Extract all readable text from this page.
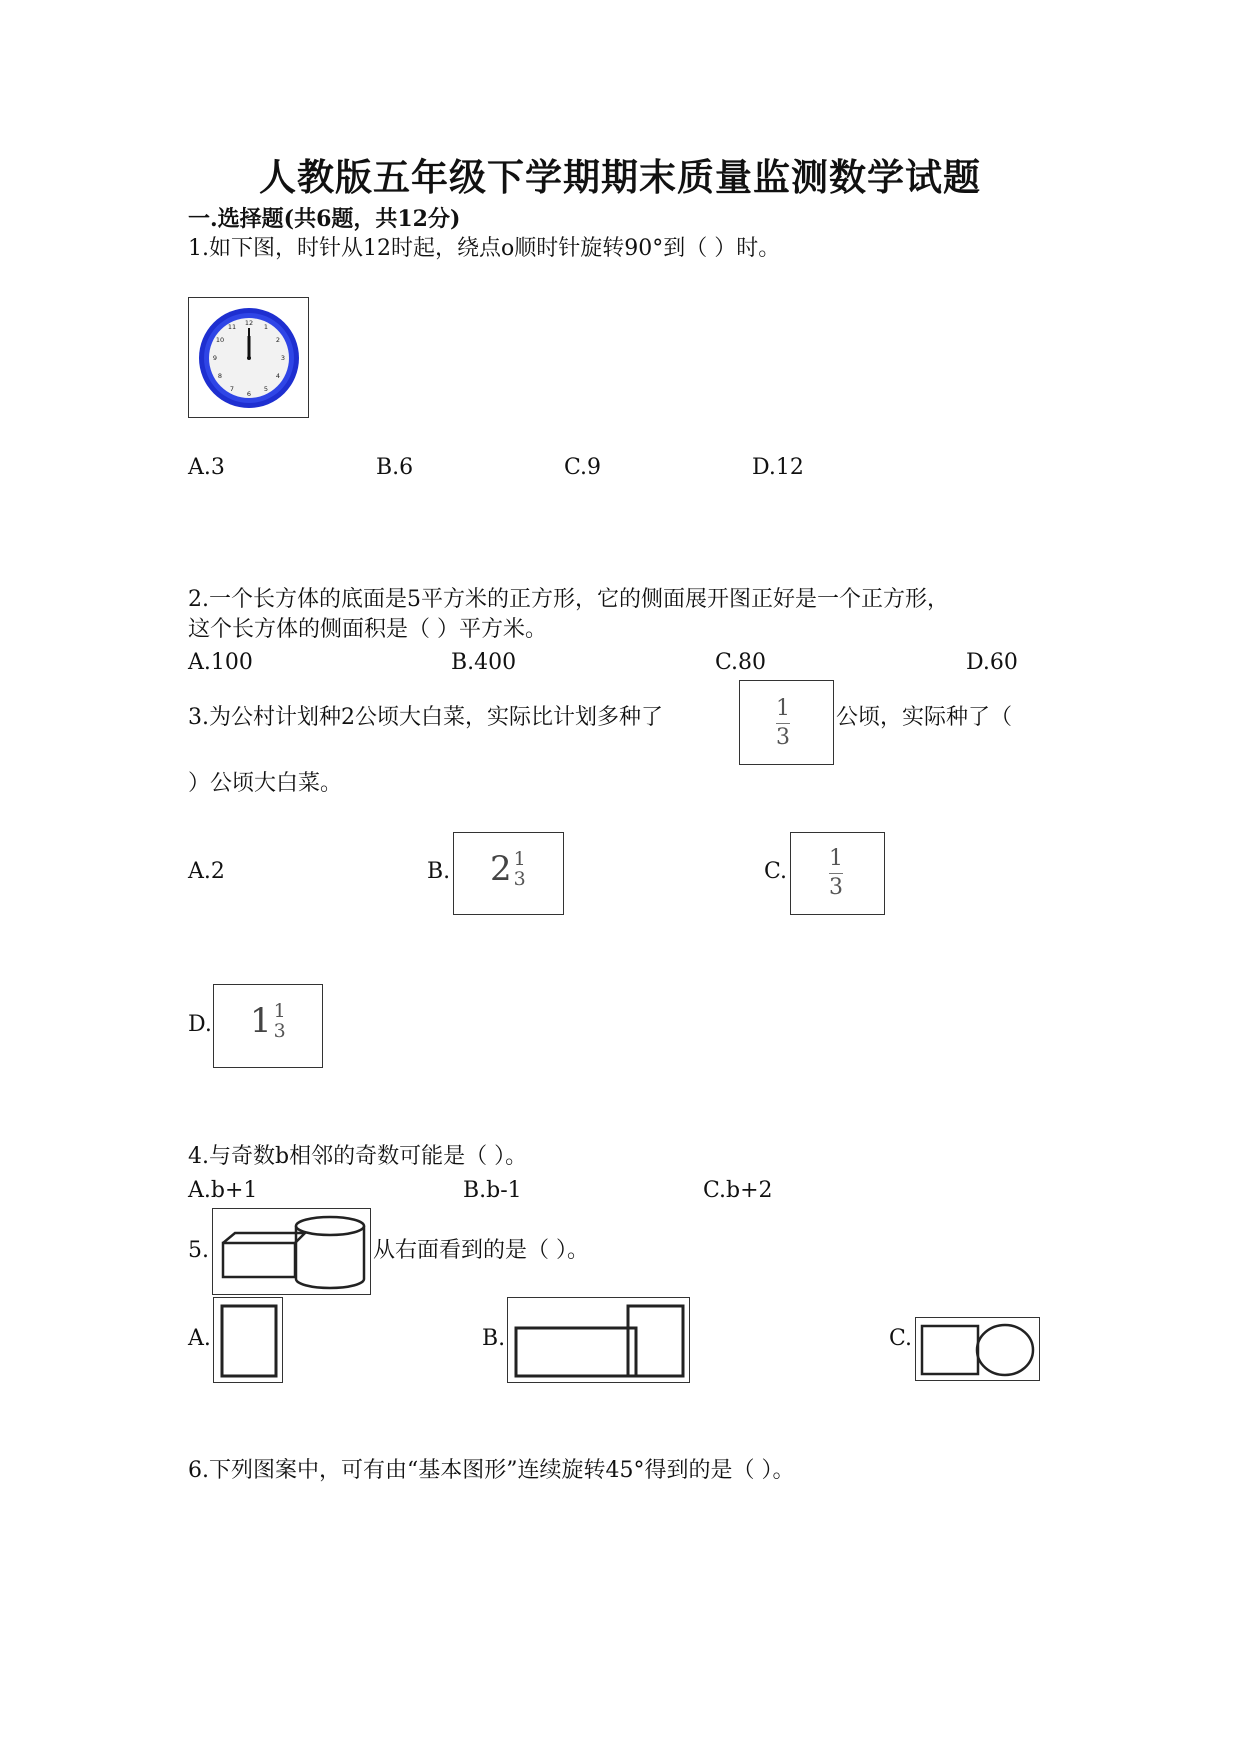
人教版五年级下学期期末质量监测数学试题
一.选择题(共6题，共12分)
1.如下图，时针从12时起，绕点o顺时针旋转90°到（ ）时。
12 1
2
3
4
5
6
7
8
9
10
11
A.3	B.6	C.9	D.12
2.一个长方体的底面是5平方米的正方形，它的侧面展开图正好是一个正方形，
这个长方体的侧面积是（ ）平方米。
A.100	B.400	C.80	D.60
3.为公村计划种2公顷大白菜，实际比计划多种了	1
3
公顷，实际种了（
）公顷大白菜。
A.2	B. 2 1
3	C.
1
3
D. 1 1
3
4.与奇数b相邻的奇数可能是（ ）。
A.b+1	B.b-1	C.b+2
5.	从右面看到的是（ ）。
A.	B.	C.
6.下列图案中，可有由“基本图形”连续旋转45°得到的是（ ）。
